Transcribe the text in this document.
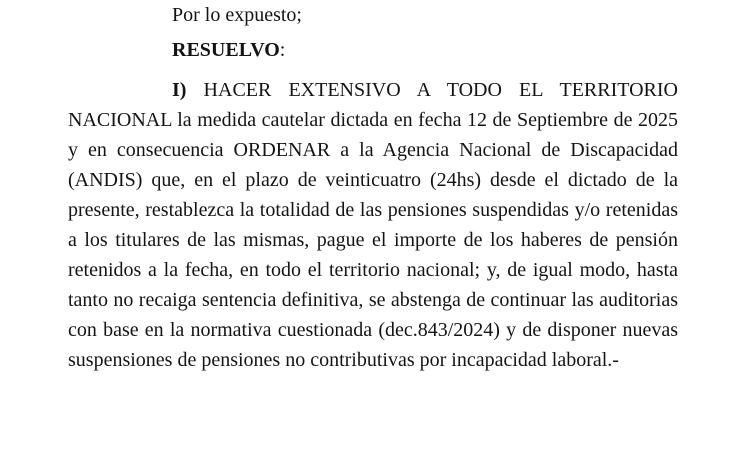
Por lo expuesto;

RESUELVO:

I) HACER EXTENSIVO A TODO EL TERRITORIO NACIONAL la medida cautelar dictada en fecha 12 de Septiembre de 2025 y en consecuencia ORDENAR a la Agencia Nacional de Discapacidad (ANDIS) que, en el plazo de veinticuatro (24hs) desde el dictado de la presente, restablezca la totalidad de las pensiones suspendidas y/o retenidas a los titulares de las mismas, pague el importe de los haberes de pensión retenidos a la fecha, en todo el territorio nacional; y, de igual modo, hasta tanto no recaiga sentencia definitiva, se abstenga de continuar las auditorias con base en la normativa cuestionada (dec.843/2024) y de disponer nuevas suspensiones de pensiones no contributivas por incapacidad laboral.-
